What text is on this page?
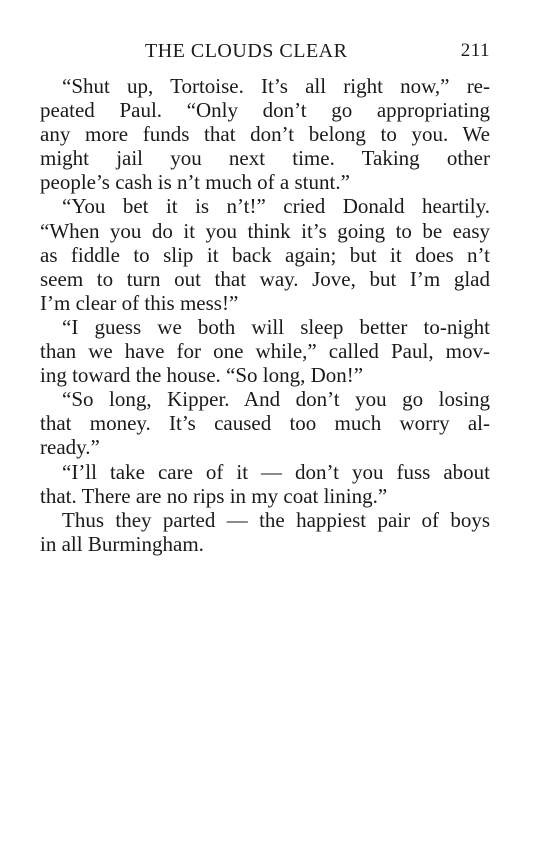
THE CLOUDS CLEAR	211
“Shut up, Tortoise. It’s all right now,” re-
peated Paul. “Only don’t go appropriating
any more funds that don’t belong to you. We
might jail you next time. Taking other
people’s cash is n’t much of a stunt.”
“You bet it is n’t!” cried Donald heartily.
“When you do it you think it’s going to be easy
as fiddle to slip it back again; but it does n’t
seem to turn out that way. Jove, but I’m glad
I’m clear of this mess!”
“I guess we both will sleep better to-night
than we have for one while,” called Paul, mov-
ing toward the house. “So long, Don!”
“So long, Kipper. And don’t you go losing
that money. It’s caused too much worry al-
ready.”
“I’ll take care of it — don’t you fuss about
that. There are no rips in my coat lining.”
Thus they parted — the happiest pair of boys
in all Burmingham.
